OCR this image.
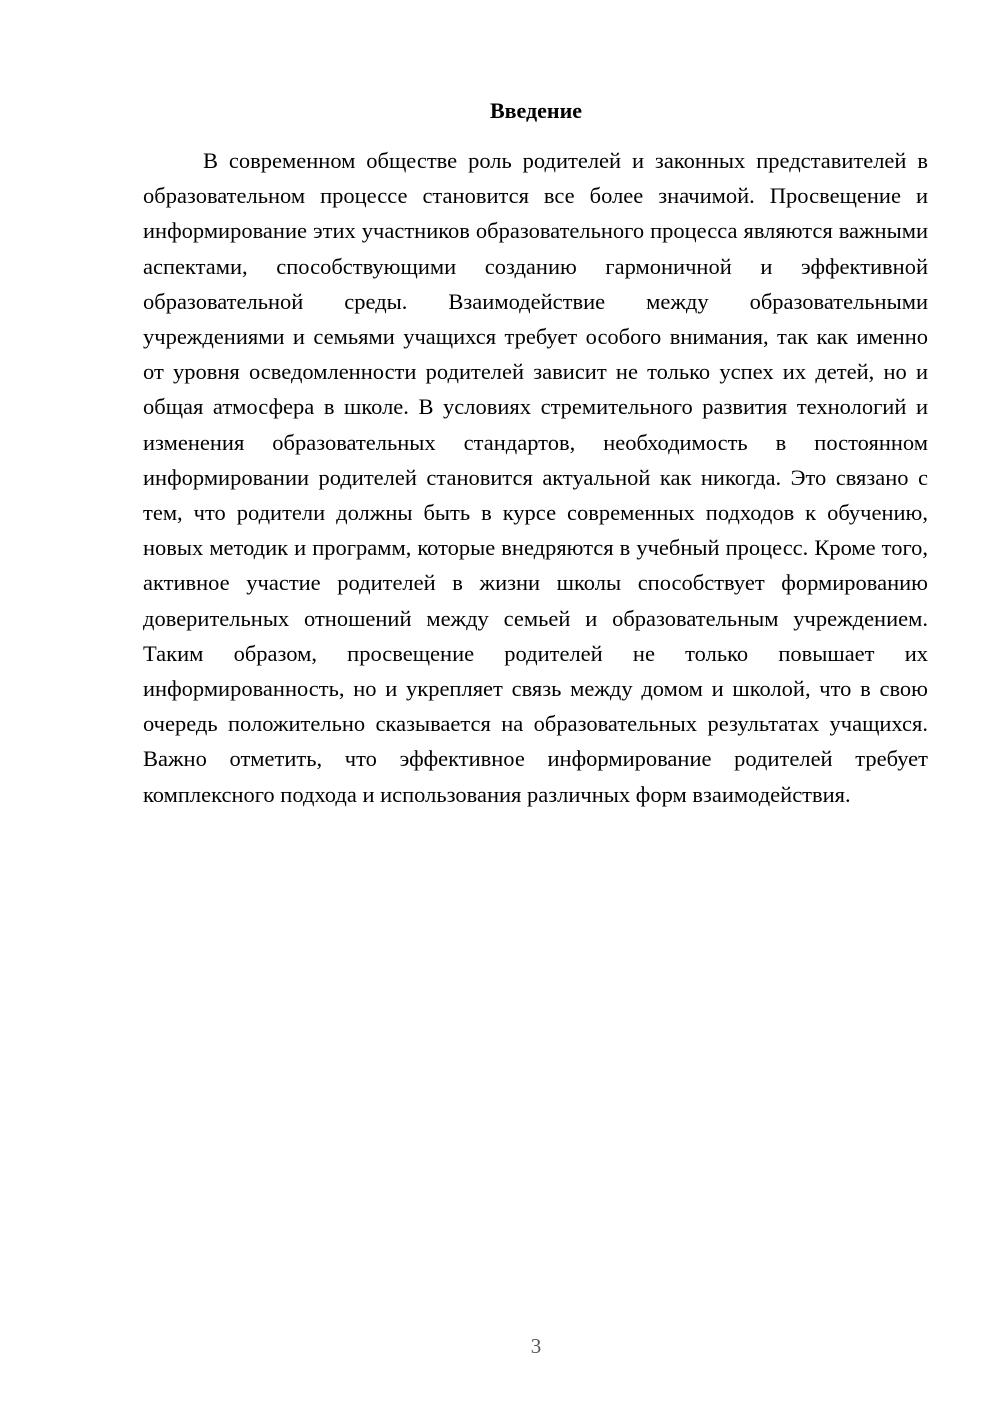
Введение

В современном обществе роль родителей и законных представителей в образовательном процессе становится все более значимой. Просвещение и информирование этих участников образовательного процесса являются важными аспектами, способствующими созданию гармоничной и эффективной образовательной среды. Взаимодействие между образовательными учреждениями и семьями учащихся требует особого внимания, так как именно от уровня осведомленности родителей зависит не только успех их детей, но и общая атмосфера в школе. В условиях стремительного развития технологий и изменения образовательных стандартов, необходимость в постоянном информировании родителей становится актуальной как никогда. Это связано с тем, что родители должны быть в курсе современных подходов к обучению, новых методик и программ, которые внедряются в учебный процесс. Кроме того, активное участие родителей в жизни школы способствует формированию доверительных отношений между семьей и образовательным учреждением. Таким образом, просвещение родителей не только повышает их информированность, но и укрепляет связь между домом и школой, что в свою очередь положительно сказывается на образовательных результатах учащихся. Важно отметить, что эффективное информирование родителей требует комплексного подхода и использования различных форм взаимодействия.

3
